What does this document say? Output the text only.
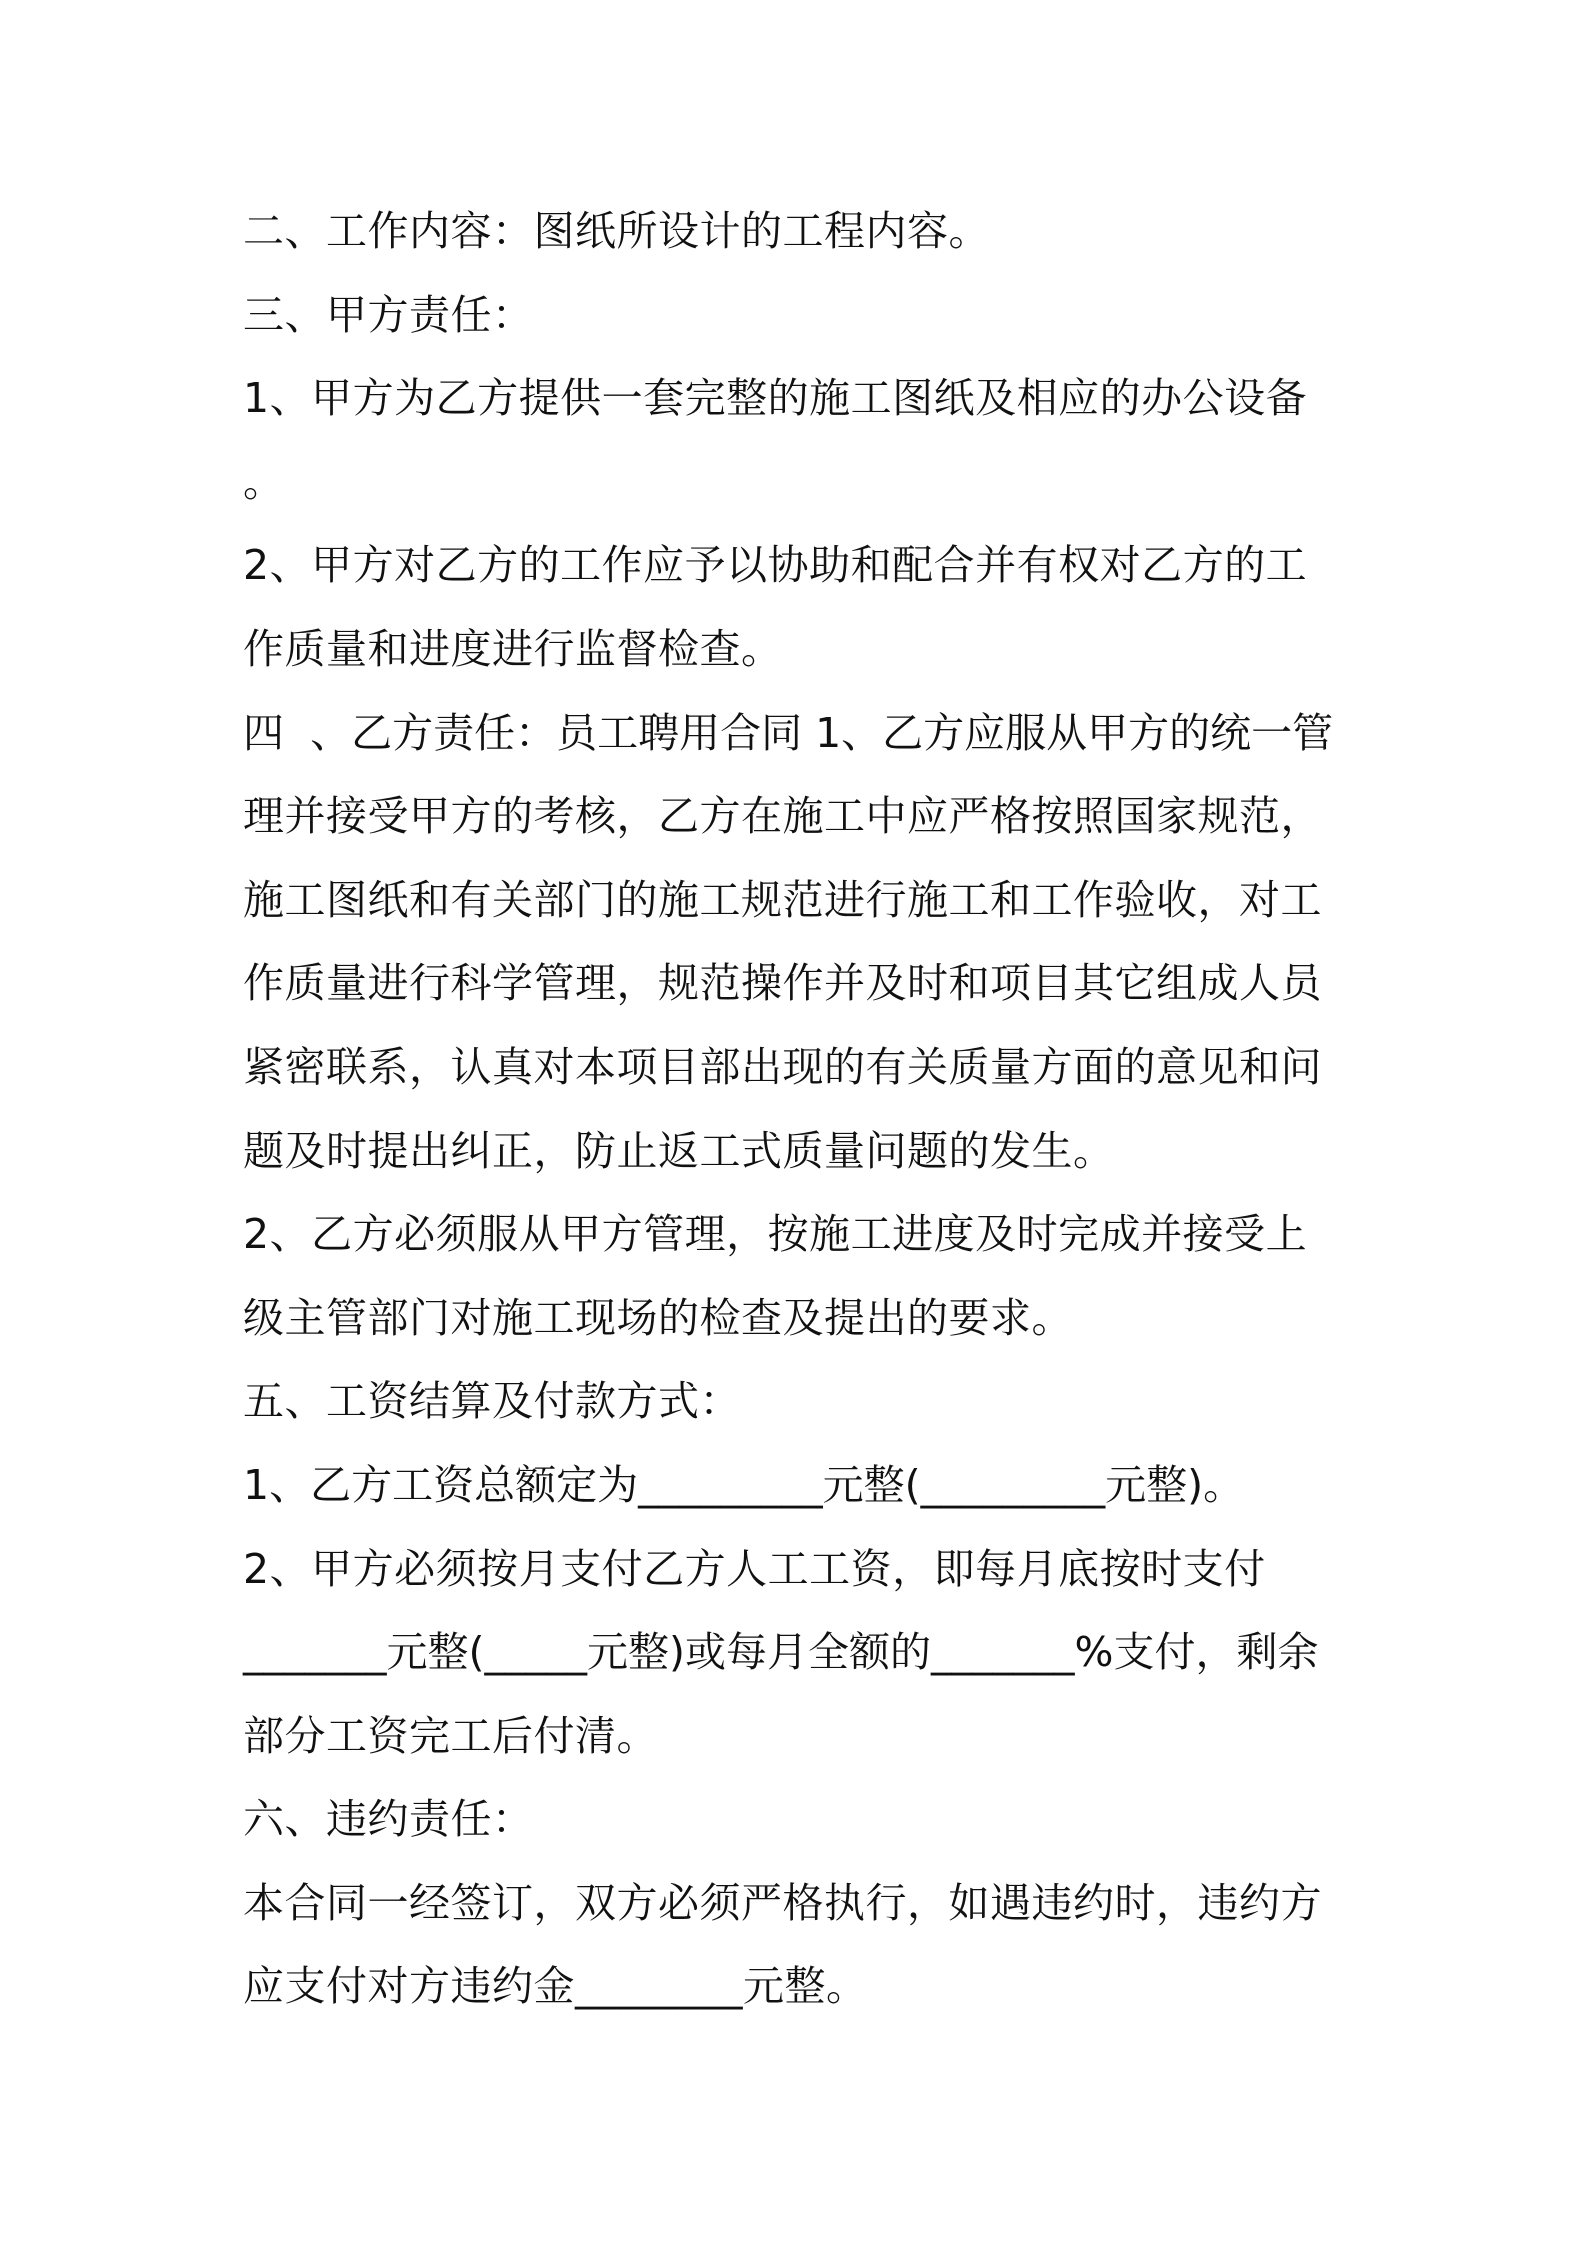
二、工作内容：图纸所设计的工程内容。
三、甲方责任：
1、甲方为乙方提供一套完整的施工图纸及相应的办公设备
。
2、甲方对乙方的工作应予以协助和配合并有权对乙方的工
作质量和进度进行监督检查。
四  、乙方责任：员工聘用合同 1、乙方应服从甲方的统一管
理并接受甲方的考核，乙方在施工中应严格按照国家规范，
施工图纸和有关部门的施工规范进行施工和工作验收，对工
作质量进行科学管理，规范操作并及时和项目其它组成人员
紧密联系，认真对本项目部出现的有关质量方面的意见和问
题及时提出纠正，防止返工式质量问题的发生。
2、乙方必须服从甲方管理，按施工进度及时完成并接受上
级主管部门对施工现场的检查及提出的要求。
五、工资结算及付款方式：
1、乙方工资总额定为_________元整(_________元整)。
2、甲方必须按月支付乙方人工工资，即每月底按时支付
_______元整(_____元整)或每月全额的_______%支付，剩余
部分工资完工后付清。
六、违约责任：
本合同一经签订，双方必须严格执行，如遇违约时，违约方
应支付对方违约金________元整。
